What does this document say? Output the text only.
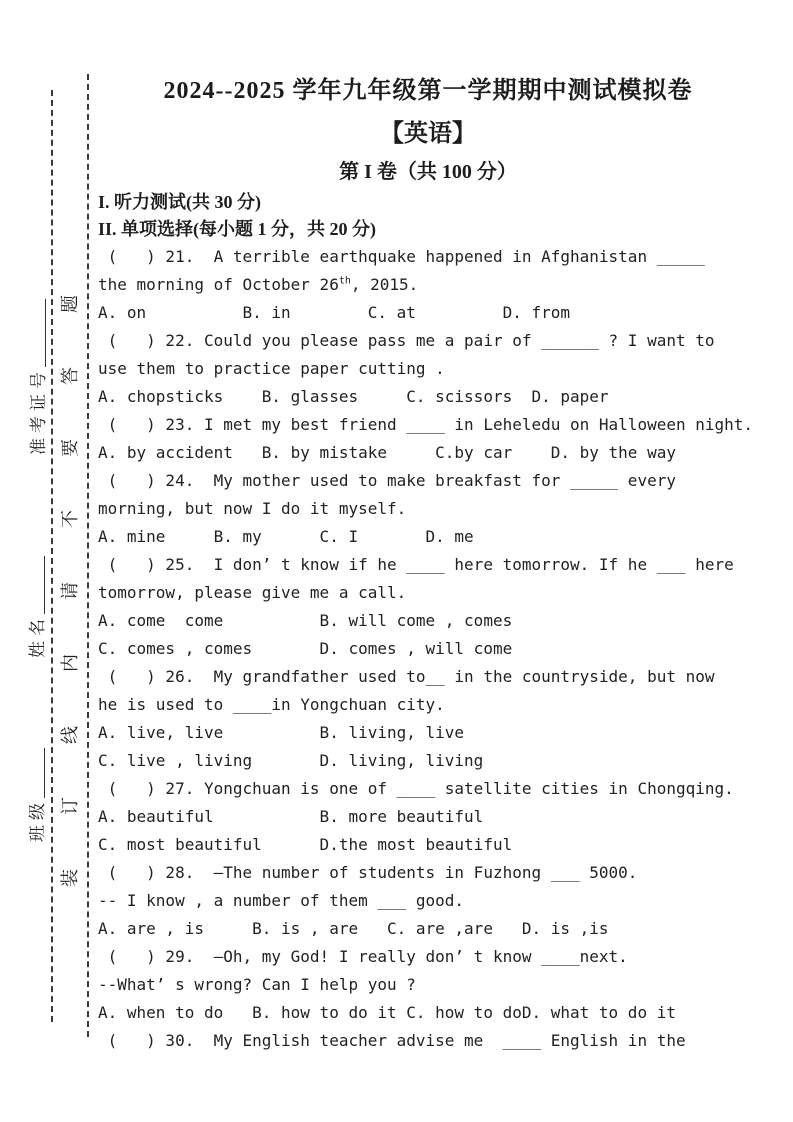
题
答
要
不
请
内
线
订
装
准考证号
姓名
班级
2024--2025 学年九年级第一学期期中测试模拟卷
【英语】
第 I 卷（共 100 分）
I. 听力测试(共 30 分)
II. 单项选择(每小题 1 分，共 20 分)
(   ) 21.  A terrible earthquake happened in Afghanistan _____
the morning of October 26th, 2015.
A. on          B. in        C. at         D. from
(   ) 22. Could you please pass me a pair of ______ ? I want to
use them to practice paper cutting .
A. chopsticks    B. glasses     C. scissors  D. paper
(   ) 23. I met my best friend ____ in Leheledu on Halloween night.
A. by accident   B. by mistake     C.by car    D. by the way
(   ) 24.  My mother used to make breakfast for _____ every
morning, but now I do it myself.
A. mine     B. my      C. I       D. me
(   ) 25.  I don’ t know if he ____ here tomorrow. If he ___ here
tomorrow, please give me a call.
A. come  come          B. will come , comes
C. comes , comes       D. comes , will come
(   ) 26.  My grandfather used to__ in the countryside, but now
he is used to ____in Yongchuan city.
A. live, live          B. living, live
C. live , living       D. living, living
(   ) 27. Yongchuan is one of ____ satellite cities in Chongqing.
A. beautiful           B. more beautiful
C. most beautiful      D.the most beautiful
(   ) 28.  –The number of students in Fuzhong ___ 5000.
-- I know , a number of them ___ good.
A. are , is     B. is , are   C. are ,are   D. is ,is
(   ) 29.  –Oh, my God! I really don’ t know ____next.
--What’ s wrong? Can I help you ?
A. when to do   B. how to do it C. how to doD. what to do it
(   ) 30.  My English teacher advise me  ____ English in the
